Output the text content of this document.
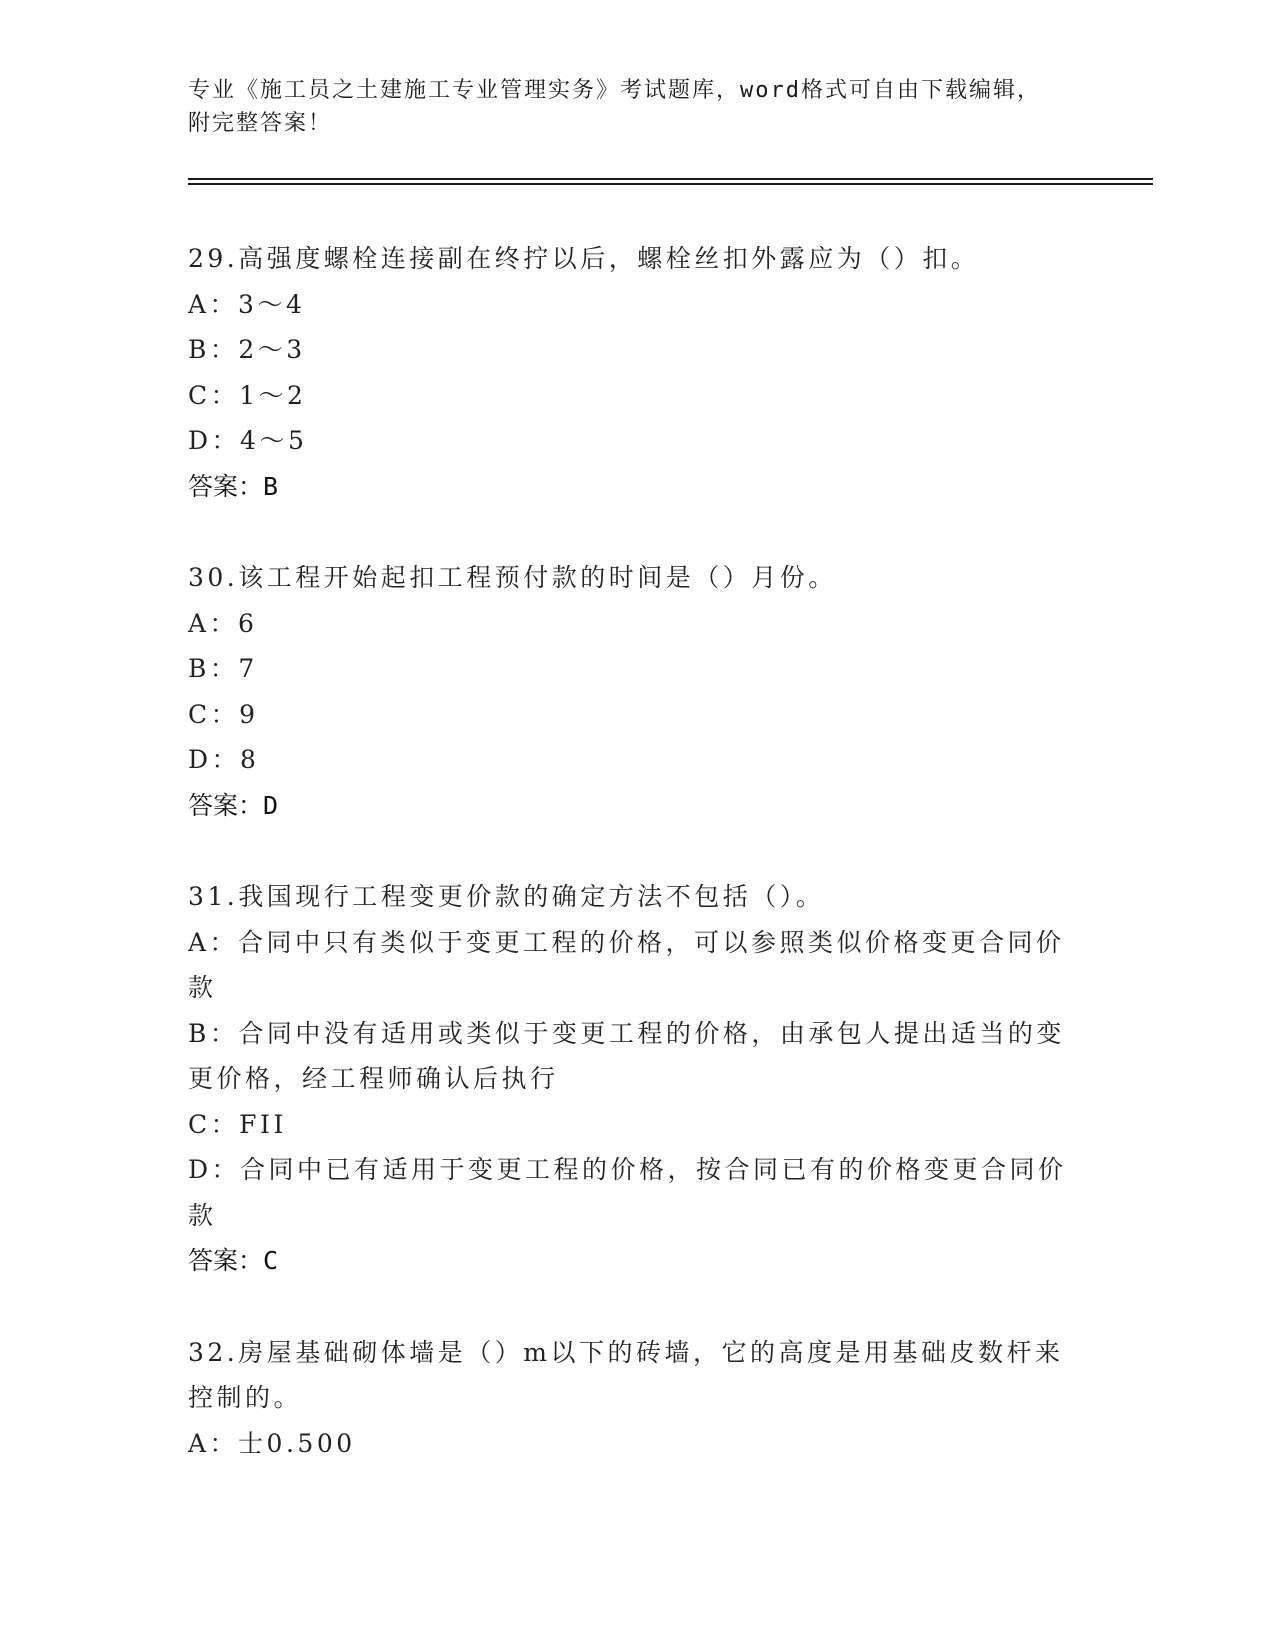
专业《施工员之土建施工专业管理实务》考试题库，word格式可自由下载编辑，
附完整答案！

29.高强度螺栓连接副在终拧以后，螺栓丝扣外露应为（）扣。

A：3～4

B：2～3

C：1～2

D：4～5

答案：B

30.该工程开始起扣工程预付款的时间是（）月份。

A：6

B：7

C：9

D：8

答案：D

31.我国现行工程变更价款的确定方法不包括（）。

A：合同中只有类似于变更工程的价格，可以参照类似价格变更合同价款

B：合同中没有适用或类似于变更工程的价格，由承包人提出适当的变更价格，经工程师确认后执行

C：FII

D：合同中已有适用于变更工程的价格，按合同已有的价格变更合同价款

答案：C

32.房屋基础砌体墙是（）m以下的砖墙，它的高度是用基础皮数杆来控制的。

A：士0.500
